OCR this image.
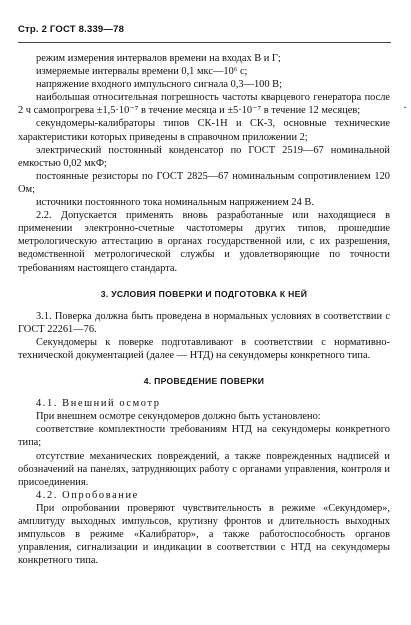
Стр. 2 ГОСТ 8.339—78
·

режим измерения интервалов времени на входах В и Г;

измеряемые интервалы времени 0,1 мкс—10⁶ с;

напряжение входного импульсного сигнала 0,3—100 В;

наибольшая относительная погрешность частоты кварцевого генератора после 2 ч самопрогрева ±1,5·10⁻⁷ в течение месяца и ±5·10⁻⁷ в течение 12 месяцев;

секундомеры-калибраторы типов СК-1Н и СК-3, основные технические характеристики которых приведены в справочном приложении 2;

электрический постоянный конденсатор по ГОСТ 2519—67 номинальной емкостью 0,02 мкФ;

постоянные резисторы по ГОСТ 2825—67 номинальным сопротивлением 120 Ом;

источники постоянного тока номинальным напряжением 24 В.

2.2. Допускается применять вновь разработанные или находящиеся в применении электронно-счетные частотомеры других типов, прошедшие метрологическую аттестацию в органах государственной или, с их разрешения, ведомственной метрологической службы и удовлетворяющие по точности требованиям настоящего стандарта.

3. УСЛОВИЯ ПОВЕРКИ И ПОДГОТОВКА К НЕЙ

3.1. Поверка должна быть проведена в нормальных условиях в соответствии с ГОСТ 22261—76.

Секундомеры к поверке подготавливают в соответствии с нормативно-технической документацией (далее — НТД) на секундомеры конкретного типа.

4. ПРОВЕДЕНИЕ ПОВЕРКИ

4.1. Внешний осмотр

При внешнем осмотре секундомеров должно быть установлено:

соответствие комплектности требованиям НТД на секундомеры конкретного типа;

отсутствие механических повреждений, а также поврежденных надписей и обозначений на панелях, затрудняющих работу с органами управления, контроля и присоединения.

4.2. Опробование

При опробовании проверяют чувствительность в режиме «Секундомер», амплитуду выходных импульсов, крутизну фронтов и длительность выходных импульсов в режиме «Калибратор», а также работоспособность органов управления, сигнализации и индикации в соответствии с НТД на секундомеры конкретного типа.
